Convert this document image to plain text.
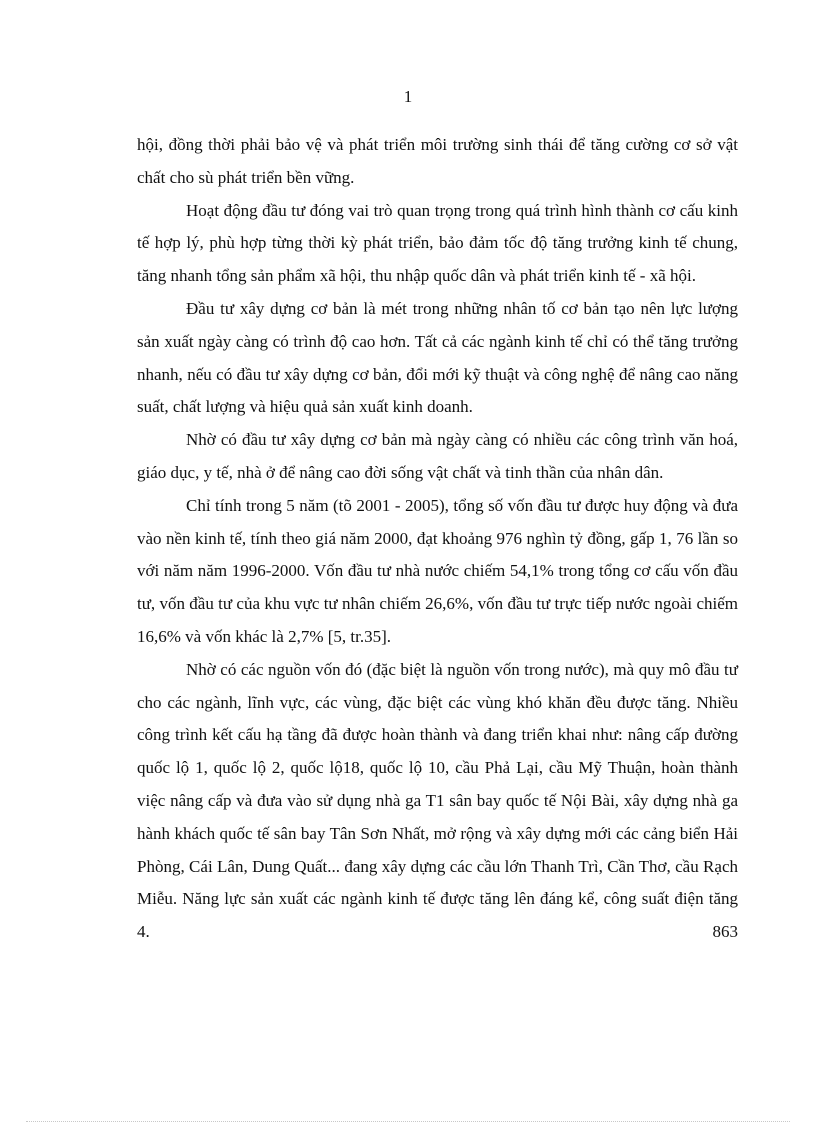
1

hội, đồng thời phải bảo vệ và phát triển môi trường sinh thái để tăng cường cơ sở vật chất cho sù phát triển bền vững.

Hoạt động đầu tư đóng vai trò quan trọng trong quá trình hình thành cơ cấu kinh tế hợp lý, phù hợp từng thời kỳ phát triển, bảo đảm tốc độ tăng trưởng kinh tế chung, tăng nhanh tổng sản phẩm xã hội, thu nhập quốc dân và phát triển kinh tế - xã hội.

Đầu tư xây dựng cơ bản là mét trong những nhân tố cơ bản tạo nên lực lượng sản xuất ngày càng có trình độ cao hơn. Tất cả các ngành kinh tế chỉ có thể tăng trưởng nhanh, nếu có đầu tư xây dựng cơ bản, đổi mới kỹ thuật và công nghệ để nâng cao năng suất, chất lượng và hiệu quả sản xuất kinh doanh.

Nhờ có đầu tư xây dựng cơ bản mà ngày càng có nhiều các công trình văn hoá, giáo dục, y tế, nhà ở để nâng cao đời sống vật chất và tinh thần của nhân dân.

Chỉ tính trong 5 năm (tõ 2001 - 2005), tổng số vốn đầu tư được huy động và đưa vào nền kinh tế, tính theo giá năm 2000, đạt khoảng 976 nghìn tỷ đồng, gấp 1, 76 lần so với năm năm 1996-2000. Vốn đầu tư nhà nước chiếm 54,1% trong tổng cơ cấu vốn đầu tư, vốn đầu tư của khu vực tư nhân chiếm 26,6%, vốn đầu tư trực tiếp nước ngoài chiếm 16,6% và vốn khác là 2,7% [5, tr.35].

Nhờ có các nguồn vốn đó (đặc biệt là nguồn vốn trong nước), mà quy mô đầu tư cho các ngành, lĩnh vực, các vùng, đặc biệt các vùng khó khăn đều được tăng. Nhiều công trình kết cấu hạ tầng đã được hoàn thành và đang triển khai như: nâng cấp đường quốc lộ 1, quốc lộ 2, quốc lộ18, quốc lộ 10, cầu Phả Lại, cầu Mỹ Thuận, hoàn thành việc nâng cấp và đưa vào sử dụng nhà ga T1 sân bay quốc tế Nội Bài, xây dựng nhà ga hành khách quốc tế sân bay Tân Sơn Nhất, mở rộng và xây dựng mới các cảng biển Hải Phòng, Cái Lân, Dung Quất... đang xây dựng các cầu lớn Thanh Trì, Cần Thơ, cầu Rạch Miễu. Năng lực sản xuất các ngành kinh tế được tăng lên đáng kể, công suất điện tăng 4. 863
